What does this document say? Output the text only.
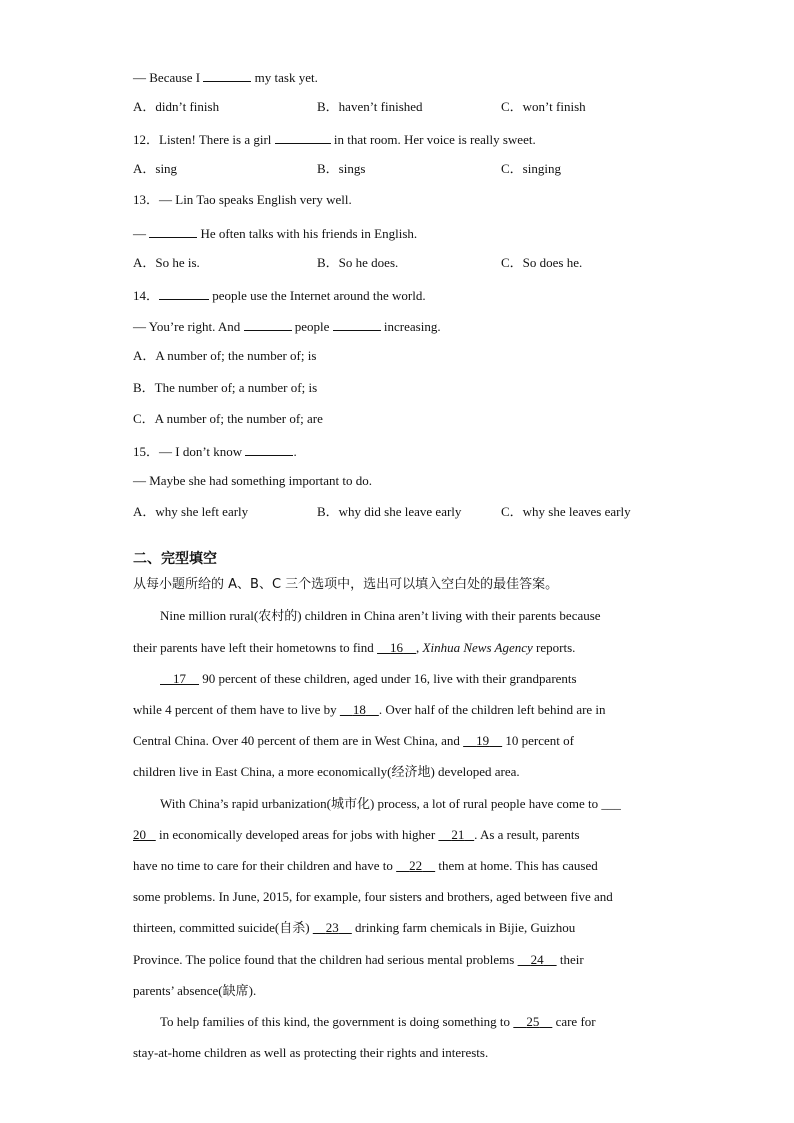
— Because I	my task yet.
A．didn’t finish	B．haven’t finished	C．won’t finish
12．Listen! There is a girl	in that room. Her voice is really sweet.
A．sing	B．sings	C．singing
13．— Lin Tao speaks English very well.
—	He often talks with his friends in English.
A．So he is.	B．So he does.	C．So does he.
14．	people use the Internet around the world.
— You’re right. And	people	increasing.
A．A number of; the number of; is
B．The number of; a number of; is
C．A number of; the number of; are
15．— I don’t know	.
— Maybe she had something important to do.
A．why she left early	B．why did she leave early	C．why she leaves early
二、完型填空
从每小题所给的 A、B、C 三个选项中，选出可以填入空白处的最佳答案。
Nine million rural(农村的) children in China aren’t living with their parents because
their parents have left their hometowns to find     16 , Xinhua News Agency reports.
17     90 percent of these children, aged under 16, live with their grandparents
while 4 percent of them have to live by     18 . Over half of the children left behind are in
Central China. Over 40 percent of them are in West China, and     19     10 percent of
children live in East China, a more economically(经济地) developed area.
With China’s rapid urbanization(城市化) process, a lot of rural people have come to ___
20    in economically developed areas for jobs with higher     21 . As a result, parents
have no time to care for their children and have to     22     them at home. This has caused
some problems. In June, 2015, for example, four sisters and brothers, aged between five and
thirteen, committed suicide(自杀)     23     drinking farm chemicals in Bijie, Guizhou
Province. The police found that the children had serious mental problems     24     their
parents’ absence(缺席).
To help families of this kind, the government is doing something to     25     care for
stay-at-home children as well as protecting their rights and interests.
